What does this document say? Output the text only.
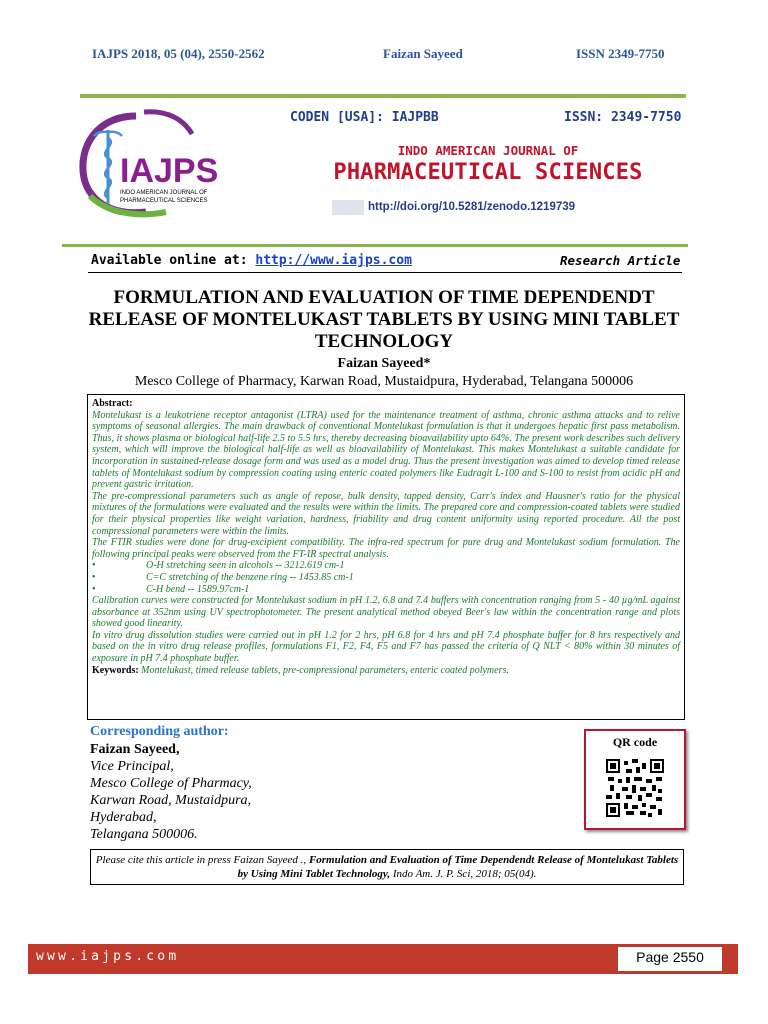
IAJPS 2018, 05 (04), 2550-2562	Faizan Sayeed	ISSN 2349-7750
IAJPS
INDO AMERICAN JOURNAL OF
PHARMACEUTICAL SCIENCES
CODEN [USA]: IAJPBB	ISSN: 2349-7750
INDO AMERICAN JOURNAL OF
PHARMACEUTICAL SCIENCES
http://doi.org/10.5281/zenodo.1219739
Available online at: http://www.iajps.com	Research Article
FORMULATION AND EVALUATION OF TIME DEPENDENDT RELEASE OF MONTELUKAST TABLETS BY USING MINI TABLET TECHNOLOGY
Faizan Sayeed*
Mesco College of Pharmacy, Karwan Road, Mustaidpura, Hyderabad, Telangana 500006
Abstract:
Montelukast is a leukotriene receptor antagonist (LTRA) used for the maintenance treatment of asthma, chronic asthma attacks and to relive symptoms of seasonal allergies. The main drawback of conventional Montelukast formulation is that it undergoes hepatic first pass metabolism. Thus, it shows plasma or biological half-life 2.5 to 5.5 hrs, thereby decreasing bioavailability upto 64%. The present work describes such delivery system, which will improve the biological half-life as well as bioavailability of Montelukast. This makes Montelukast a suitable candidate for incorporation in sustained-release dosage form and was used as a model drug. Thus the present investigation was aimed to develop timed release tablets of Montelukast sodium by compression coating using enteric coated polymers like Eudragit L-100 and S-100 to resist from acidic pH and prevent gastric irritation.
The pre-compressional parameters such as angle of repose, bulk density, tapped density, Carr's index and Hausner's ratio for the physical mixtures of the formulations were evaluated and the results were within the limits. The prepared core and compression-coated tablets were studied for their physical properties like weight variation, hardness, friability and drug content uniformity using reported procedure. All the post compressional parameters were within the limits.
The FTIR studies were done for drug-excipient compatibility. The infra-red spectrum for pure drug and Montelukast sodium formulation. The following principal peaks were observed from the FT-IR spectral analysis.
•	O-H stretching seen in alcohols -- 3212.619 cm-1
•	C=C stretching of the benzene ring -- 1453.85 cm-1
•	C-H bend -- 1589.97cm-1
Calibration curves were constructed for Montelukast sodium in pH 1.2, 6.8 and 7.4 buffers with concentration ranging from 5 - 40 µg/mL against absorbance at 352nm using UV spectrophotometer. The present analytical method obeyed Beer's law within the concentration range and plots showed good linearity.
In vitro drug dissolution studies were carried out in pH 1.2 for 2 hrs, pH 6.8 for 4 hrs and pH 7.4 phosphate buffer for 8 hrs respectively and based on the in vitro drug release profiles, formulations F1, F2, F4, F5 and F7 has passed the criteria of Q NLT < 80% within 30 minutes of exposure in pH 7.4 phosphate buffer.
Keywords: Montelukast, timed release tablets, pre-compressional parameters, enteric coated polymers.
Corresponding author:
Faizan Sayeed,
Vice Principal,
Mesco College of Pharmacy,
Karwan Road, Mustaidpura,
Hyderabad,
Telangana 500006.
QR code
Please cite this article in press Faizan Sayeed ., Formulation and Evaluation of Time Dependendt Release of Montelukast Tablets by Using Mini Tablet Technology, Indo Am. J. P. Sci, 2018; 05(04).
www.iajps.com	Page 2550
